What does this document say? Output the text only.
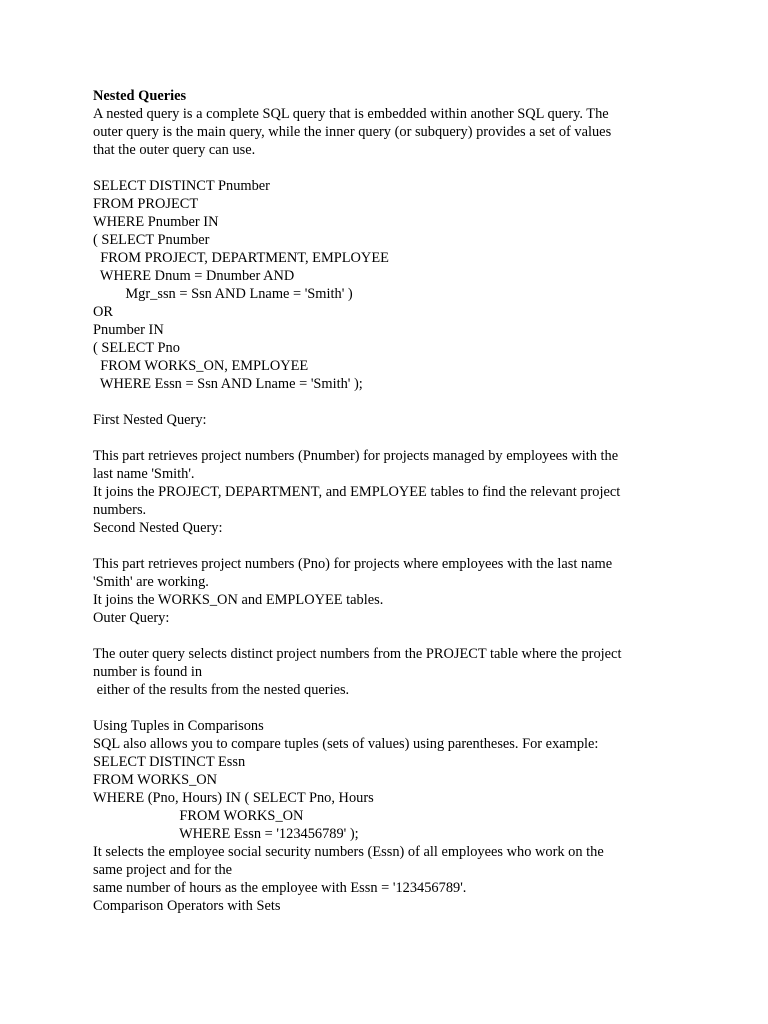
Nested Queries
A nested query is a complete SQL query that is embedded within another SQL query. The
outer query is the main query, while the inner query (or subquery) provides a set of values
that the outer query can use.
SELECT DISTINCT Pnumber
FROM PROJECT
WHERE Pnumber IN
( SELECT Pnumber
FROM PROJECT, DEPARTMENT, EMPLOYEE
WHERE Dnum = Dnumber AND
Mgr_ssn = Ssn AND Lname = 'Smith' )
OR
Pnumber IN
( SELECT Pno
FROM WORKS_ON, EMPLOYEE
WHERE Essn = Ssn AND Lname = 'Smith' );
First Nested Query:
This part retrieves project numbers (Pnumber) for projects managed by employees with the
last name 'Smith'.
It joins the PROJECT, DEPARTMENT, and EMPLOYEE tables to find the relevant project
numbers.
Second Nested Query:
This part retrieves project numbers (Pno) for projects where employees with the last name
'Smith' are working.
It joins the WORKS_ON and EMPLOYEE tables.
Outer Query:
The outer query selects distinct project numbers from the PROJECT table where the project
number is found in
either of the results from the nested queries.
Using Tuples in Comparisons
SQL also allows you to compare tuples (sets of values) using parentheses. For example:
SELECT DISTINCT Essn
FROM WORKS_ON
WHERE (Pno, Hours) IN ( SELECT Pno, Hours
FROM WORKS_ON
WHERE Essn = '123456789' );
It selects the employee social security numbers (Essn) of all employees who work on the
same project and for the
same number of hours as the employee with Essn = '123456789'.
Comparison Operators with Sets
